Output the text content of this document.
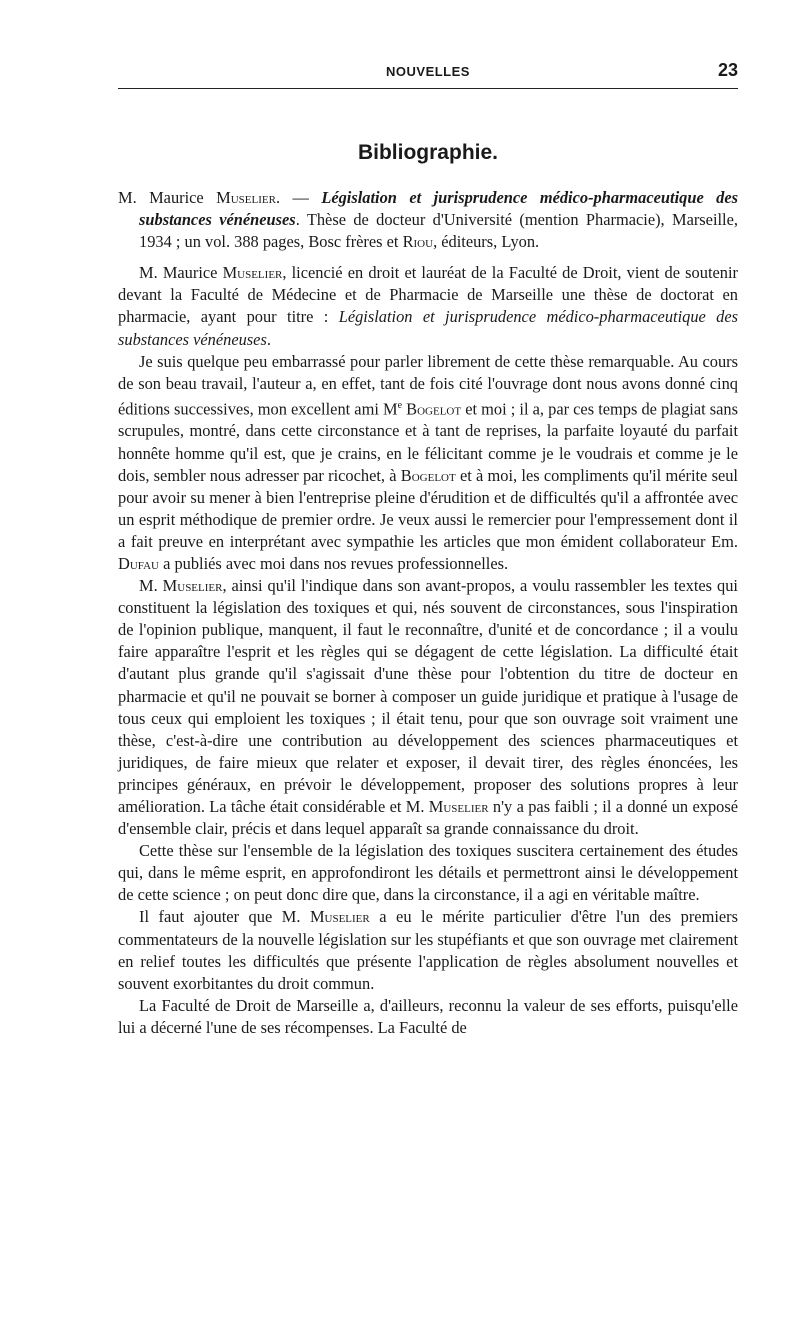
NOUVELLES	23
Bibliographie.

M. Maurice Muselier. — Législation et jurisprudence médico-pharmaceutique des substances vénéneuses. Thèse de docteur d'Université (mention Pharmacie), Marseille, 1934 ; un vol. 388 pages, Bosc frères et Riou, éditeurs, Lyon.

M. Maurice Muselier, licencié en droit et lauréat de la Faculté de Droit, vient de soutenir devant la Faculté de Médecine et de Pharmacie de Marseille une thèse de doctorat en pharmacie, ayant pour titre : Législation et jurisprudence médico-pharmaceutique des substances vénéneuses.

Je suis quelque peu embarrassé pour parler librement de cette thèse remarquable. Au cours de son beau travail, l'auteur a, en effet, tant de fois cité l'ouvrage dont nous avons donné cinq éditions successives, mon excellent ami Me Bogelot et moi ; il a, par ces temps de plagiat sans scrupules, montré, dans cette circonstance et à tant de reprises, la parfaite loyauté du parfait honnête homme qu'il est, que je crains, en le félicitant comme je le voudrais et comme je le dois, sembler nous adresser par ricochet, à Bogelot et à moi, les compliments qu'il mérite seul pour avoir su mener à bien l'entreprise pleine d'érudition et de difficultés qu'il a affrontée avec un esprit méthodique de premier ordre. Je veux aussi le remercier pour l'empressement dont il a fait preuve en interprétant avec sympathie les articles que mon émident collaborateur Em. Dufau a publiés avec moi dans nos revues professionnelles.

M. Muselier, ainsi qu'il l'indique dans son avant-propos, a voulu rassembler les textes qui constituent la législation des toxiques et qui, nés souvent de circonstances, sous l'inspiration de l'opinion publique, manquent, il faut le reconnaître, d'unité et de concordance ; il a voulu faire apparaître l'esprit et les règles qui se dégagent de cette législation. La difficulté était d'autant plus grande qu'il s'agissait d'une thèse pour l'obtention du titre de docteur en pharmacie et qu'il ne pouvait se borner à composer un guide juridique et pratique à l'usage de tous ceux qui emploient les toxiques ; il était tenu, pour que son ouvrage soit vraiment une thèse, c'est-à-dire une contribution au développement des sciences pharmaceutiques et juridiques, de faire mieux que relater et exposer, il devait tirer, des règles énoncées, les principes généraux, en prévoir le développement, proposer des solutions propres à leur amélioration. La tâche était considérable et M. Muselier n'y a pas faibli ; il a donné un exposé d'ensemble clair, précis et dans lequel apparaît sa grande connaissance du droit.

Cette thèse sur l'ensemble de la législation des toxiques suscitera certainement des études qui, dans le même esprit, en approfondiront les détails et permettront ainsi le développement de cette science ; on peut donc dire que, dans la circonstance, il a agi en véritable maître.

Il faut ajouter que M. Muselier a eu le mérite particulier d'être l'un des premiers commentateurs de la nouvelle législation sur les stupéfiants et que son ouvrage met clairement en relief toutes les difficultés que présente l'application de règles absolument nouvelles et souvent exorbitantes du droit commun.

La Faculté de Droit de Marseille a, d'ailleurs, reconnu la valeur de ses efforts, puisqu'elle lui a décerné l'une de ses récompenses. La Faculté de
